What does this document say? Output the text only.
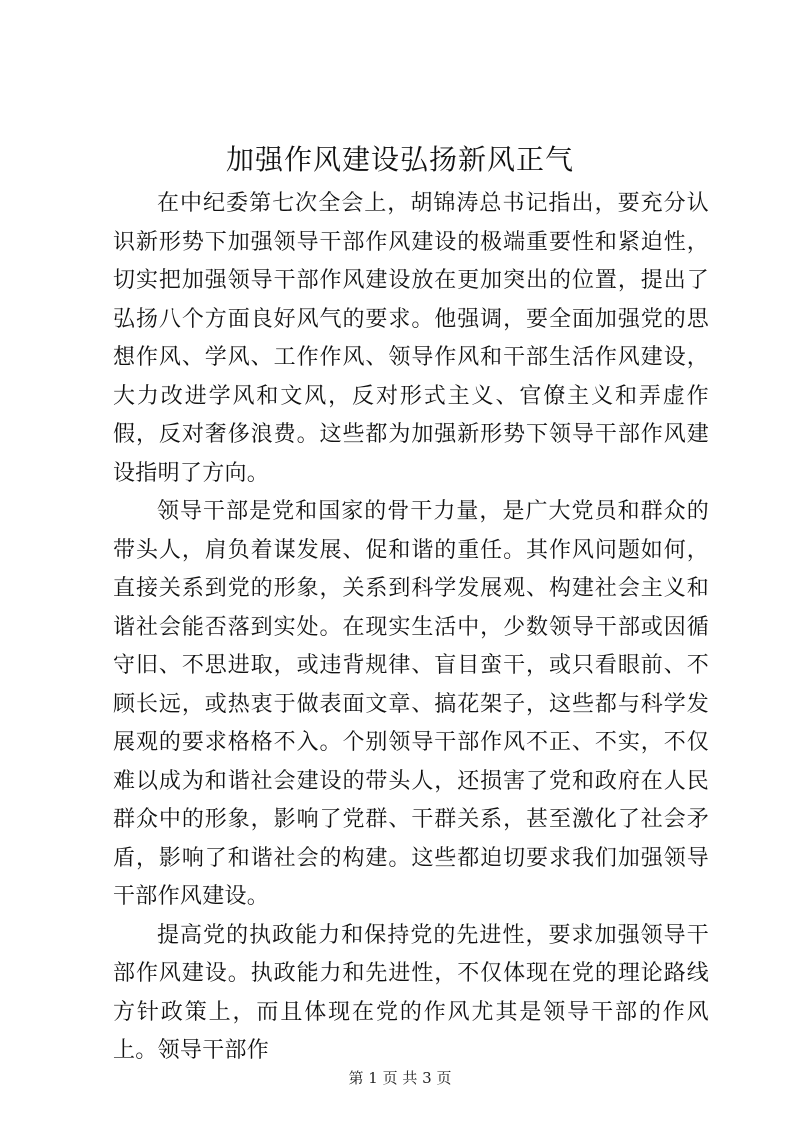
加强作风建设弘扬新风正气

在中纪委第七次全会上，胡锦涛总书记指出，要充分认识新形势下加强领导干部作风建设的极端重要性和紧迫性，切实把加强领导干部作风建设放在更加突出的位置，提出了弘扬八个方面良好风气的要求。他强调，要全面加强党的思想作风、学风、工作作风、领导作风和干部生活作风建设，大力改进学风和文风，反对形式主义、官僚主义和弄虚作假，反对奢侈浪费。这些都为加强新形势下领导干部作风建设指明了方向。

领导干部是党和国家的骨干力量，是广大党员和群众的带头人，肩负着谋发展、促和谐的重任。其作风问题如何，直接关系到党的形象，关系到科学发展观、构建社会主义和谐社会能否落到实处。在现实生活中，少数领导干部或因循守旧、不思进取，或违背规律、盲目蛮干，或只看眼前、不顾长远，或热衷于做表面文章、搞花架子，这些都与科学发展观的要求格格不入。个别领导干部作风不正、不实，不仅难以成为和谐社会建设的带头人，还损害了党和政府在人民群众中的形象，影响了党群、干群关系，甚至激化了社会矛盾，影响了和谐社会的构建。这些都迫切要求我们加强领导干部作风建设。

提高党的执政能力和保持党的先进性，要求加强领导干部作风建设。执政能力和先进性，不仅体现在党的理论路线方针政策上，而且体现在党的作风尤其是领导干部的作风上。领导干部作

第 1 页 共 3 页
